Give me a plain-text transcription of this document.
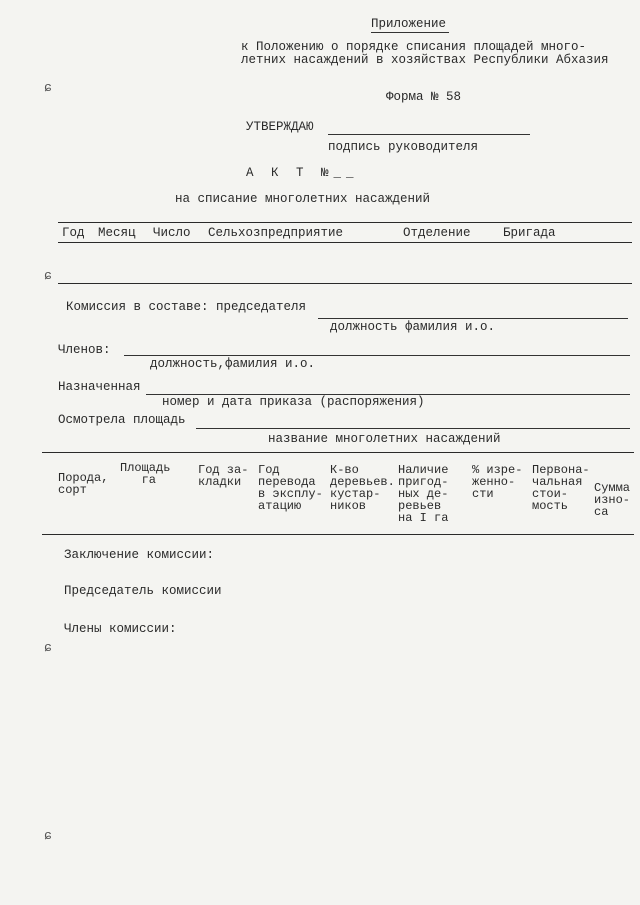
ɕ
ɕ
ɕ
ɕ
Приложение
к Положению о порядке списания площадей много-
летних насаждений в хозяйствах Республики Абхазия
Форма № 58
УТВЕРЖДАЮ
подпись руководителя
А К Т №__
на списание многолетних насаждений
Год Месяц Число Сельхозпредприятие	Отделение	Бригада
Комиссия в составе: председателя
должность фамилия и.о.
Членов:
должность,фамилия и.о.
Назначенная
номер и дата приказа (распоряжения)
Осмотрела площадь
название многолетних насаждений
Порода,
сорт
Площадь
га
Год за-
кладки
Год
перевода
в эксплу-
атацию
К-во
деревьев.
кустар-
ников
Наличие
пригод-
ных де-
ревьев
на I га
% изре-
женно-
сти
Первона-
чальная
стои-
мость
Сумма
изно-
са
Заключение комиссии:
Председатель комиссии
Члены комиссии:
